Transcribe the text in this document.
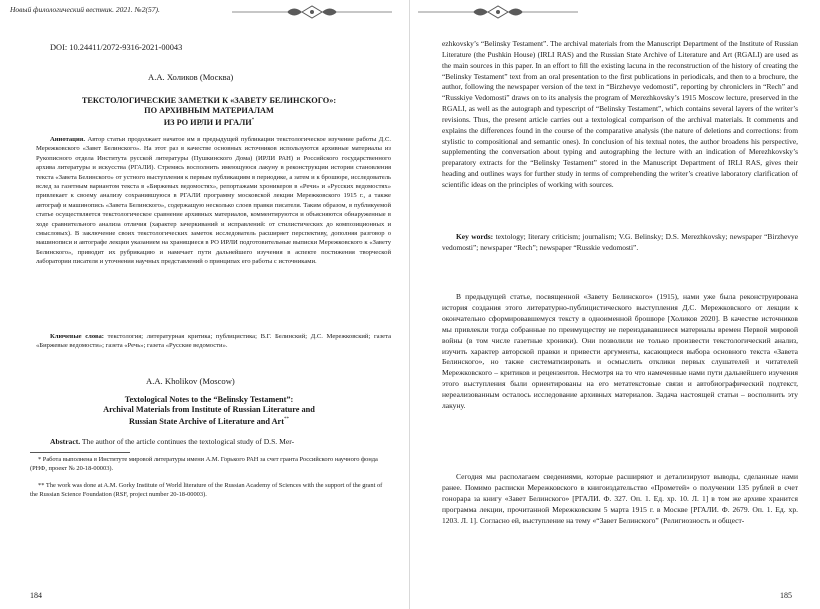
Новый филологический вестник. 2021. №2(57).
DOI: 10.24411/2072-9316-2021-00043
А.А. Холиков (Москва)
ТЕКСТОЛОГИЧЕСКИЕ ЗАМЕТКИ К «ЗАВЕТУ БЕЛИНСКОГО»:
ПО АРХИВНЫМ МАТЕРИАЛАМ
ИЗ РО ИРЛИ И РГАЛИ*

Аннотация. Автор статьи продолжает начатое им в предыдущей публикации текстологическое изучение работы Д.С. Мережковского «Завет Белинского». На этот раз в качестве основных источников используются архивные материалы из Рукописного отдела Института русской литературы (Пушкинского Дома) (ИРЛИ РАН) и Российского государственного архива литературы и искусства (РГАЛИ). Стремясь восполнить имеющуюся лакуну в реконструкции истории становления текста «Завета Белинского» от устного выступления к первым публикациям в периодике, а затем и к брошюре, исследователь вслед за газетным вариантом текста в «Биржевых ведомостях», репортажами хроникеров в «Речи» и «Русских ведомостях» привлекает к своему анализу сохранившуюся в РГАЛИ программу московской лекции Мережковского 1915 г., а также автограф и машинопись «Завета Белинского», содержащую несколько слоев правки писателя. Таким образом, в публикуемой статье осуществляется текстологическое сравнение архивных материалов, комментируются и объясняются обнаруженные в ходе сравнительного анализа отличия (характер зачеркиваний и исправлений: от стилистических до композиционных и смысловых). В заключение своих текстологических заметок исследователь расширяет перспективу, дополняя разговор о машинописи и автографе лекции указанием на хранящиеся в РО ИРЛИ подготовительные выписки Мережковского к «Завету Белинского», приводит их рубрикацию и намечает пути дальнейшего изучения в аспекте постижения творческой лаборатории писателя и уточнения научных представлений о принципах его работы с источниками.

Ключевые слова: текстология; литературная критика; публицистика; В.Г. Белинский; Д.С. Мережковский; газета «Биржевые ведомости»; газета «Речь»; газета «Русские ведомости».

A.A. Kholikov (Moscow)
Textological Notes to the “Belinsky Testament”:
Archival Materials from Institute of Russian Literature and
Russian State Archive of Literature and Art**

Abstract. The author of the article continues the textological study of D.S. Mer-

* Работа выполнена в Институте мировой литературы имени А.М. Горького РАН за счет гранта Российского научного фонда (РНФ, проект № 20-18-00003).

** The work was done at A.M. Gorky Institute of World literature of the Russian Academy of Sciences with the support of the grant of the Russian Science Foundation (RSF, project number 20-18-00003).

184

ezhkovsky’s “Belinsky Testament”. The archival materials from the Manuscript Department of the Institute of Russian Literature (the Pushkin House) (IRLI RAS) and the Russian State Archive of Literature and Art (RGALI) are used as the main sources in this paper. In an effort to fill the existing lacuna in the reconstruction of the history of creating the “Belinsky Testament” text from an oral presentation to the first publications in periodicals, and then to a brochure, the author, following the newspaper version of the text in “Birzhevye vedomosti”, reporting by chroniclers in “Rech” and “Russkiye Vedomosti” draws on to its analysis the program of Merezhkovsky’s 1915 Moscow lecture, preserved in the RGALI, as well as the autograph and typescript of “Belinsky Testament”, which contains several layers of the writer’s revisions. Thus, the present article carries out a textological comparison of the archival materials. It comments and explains the differences found in the course of the comparative analysis (the nature of deletions and corrections: from stylistic to compositional and semantic ones). In conclusion of his textual notes, the author broadens his perspective, supplementing the conversation about typing and autographing the lecture with an indication of Merezhkovsky’s preparatory extracts for the “Belinsky Testament” stored in the Manuscript Department of IRLI RAS, gives their heading and outlines ways for further study in terms of comprehending the writer’s creative laboratory clarification of scientific ideas on the principles of working with sources.

Key words: textology; literary criticism; journalism; V.G. Belinsky; D.S. Merezhkovsky; newspaper “Birzhevye vedomosti”; newspaper “Rech”; newspaper “Russkie vedomosti”.

В предыдущей статье, посвященной «Завету Белинского» (1915), нами уже была реконструирована история создания этого литературно-публицистического выступления Д.С. Мережковского от лекции к окончательно сформировавшемуся тексту в одноименной брошюре [Холиков 2020]. В качестве источников мы привлекли тогда собранные по преимуществу не переиздававшиеся материалы времен Первой мировой войны (в том числе газетные хроники). Они позволили не только произвести текстологический анализ, изучить характер авторской правки и привести аргументы, касающиеся выбора основного текста «Завета Белинского», но также систематизировать и осмыслить отклики первых слушателей и читателей Мережковского – критиков и рецензентов. Несмотря на то что намеченные нами пути дальнейшего изучения этого выступления были ориентированы на его метатекстовые связи и автобиографический подтекст, нереализованным осталось исследование архивных материалов. Задача настоящей статьи – восполнить эту лакуну.

Сегодня мы располагаем сведениями, которые расширяют и детализируют выводы, сделанные нами ранее. Помимо расписки Мережковского в книгоиздательство «Прометей» о получении 135 рублей в счет гонорара за книгу «Завет Белинского» [РГАЛИ. Ф. 327. Оп. 1. Ед. хр. 10. Л. 1] в том же архиве хранится программа лекции, прочитанной Мережковским 5 марта 1915 г. в Москве [РГАЛИ. Ф. 2679. Оп. 1. Ед. хр. 1203. Л. 1]. Согласно ей, выступление на тему «“Завет Белинского” (Религиозность и общест-

185
